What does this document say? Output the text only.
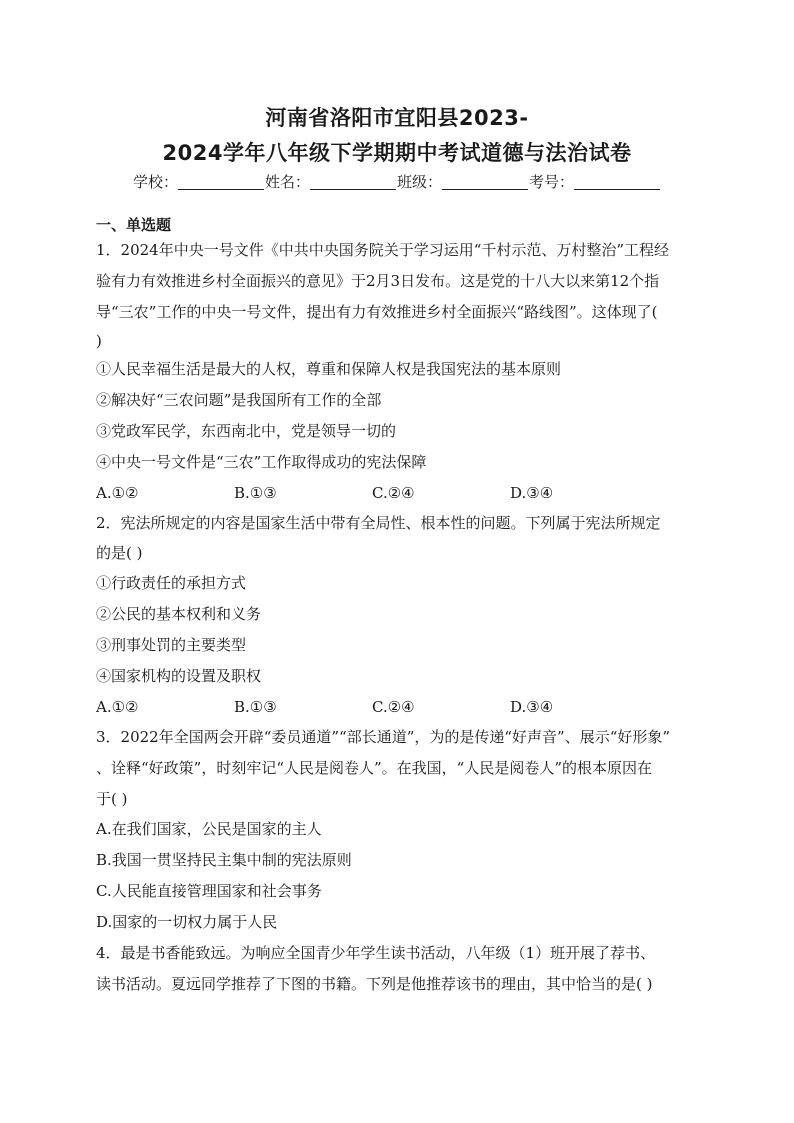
河南省洛阳市宜阳县2023-
2024学年八年级下学期期中考试道德与法治试卷
学校：	姓名：	班级：	考号：
一、单选题
1．2024年中央一号文件《中共中央国务院关于学习运用“千村示范、万村整治”工程经
验有力有效推进乡村全面振兴的意见》于2月3日发布。这是党的十八大以来第12个指
导“三农”工作的中央一号文件，提出有力有效推进乡村全面振兴“路线图”。这体现了(
)
①人民幸福生活是最大的人权，尊重和保障人权是我国宪法的基本原则
②解决好“三农问题”是我国所有工作的全部
③党政军民学，东西南北中，党是领导一切的
④中央一号文件是“三农”工作取得成功的宪法保障
A.①②	B.①③	C.②④	D.③④
2．宪法所规定的内容是国家生活中带有全局性、根本性的问题。下列属于宪法所规定
的是( )
①行政责任的承担方式
②公民的基本权利和义务
③刑事处罚的主要类型
④国家机构的设置及职权
A.①②	B.①③	C.②④	D.③④
3．2022年全国两会开辟“委员通道”“部长通道”，为的是传递“好声音”、展示“好形象”
、诠释“好政策”，时刻牢记“人民是阅卷人”。在我国，“人民是阅卷人”的根本原因在
于( )
A.在我们国家，公民是国家的主人
B.我国一贯坚持民主集中制的宪法原则
C.人民能直接管理国家和社会事务
D.国家的一切权力属于人民
4．最是书香能致远。为响应全国青少年学生读书活动，八年级（1）班开展了荐书、
读书活动。夏远同学推荐了下图的书籍。下列是他推荐该书的理由，其中恰当的是( )
